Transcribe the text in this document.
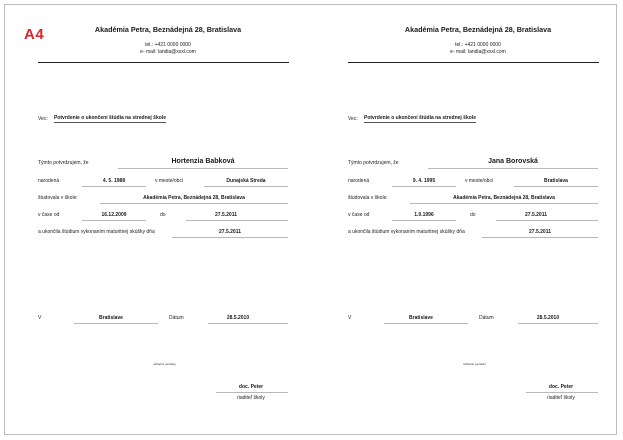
A4	Akadémia Petra, Beznádejná 28, Bratislava
tel.: +421 0000 0000
e- mail: landia@xxxl.com
Vec: Potvrdenie o ukončení štúdia na strednej škole
Týmto potvrdzujem, že	Hortenzia Babková
narodená	4. 5. 1988	v meste/obci	Dunajská Streda
študovala v škole:	Akadémia Petra, Beznádejná 28, Bratislava
v čase od	16.12.2009	do	27.5.2011
a ukončila štúdium vykonaním maturitnej skúšky dňa	27.5.2011
V	Bratislave	Dátum	28.5.2010
odtlačok pečiatky
doc. Peter
riaditeľ školy
Akadémia Petra, Beznádejná 28, Bratislava
tel.: +421 0000 0000
e- mail: landia@xxxl.com
Vec: Potvrdenie o ukončení štúdia na strednej škole
Týmto potvrdzujem, že	Jana Borovská
narodená	9. 4. 1995	v meste/obci	Bratislava
študovala v škole:	Akadémia Petra, Beznádejná 28, Bratislava
v čase od	1.9.1996	do	27.5.2011
a ukončila štúdium vykonaním maturitnej skúšky dňa	27.5.2011
V	Bratislave	Dátum	28.5.2010
odtlačok pečiatky
doc. Peter
riaditeľ školy
